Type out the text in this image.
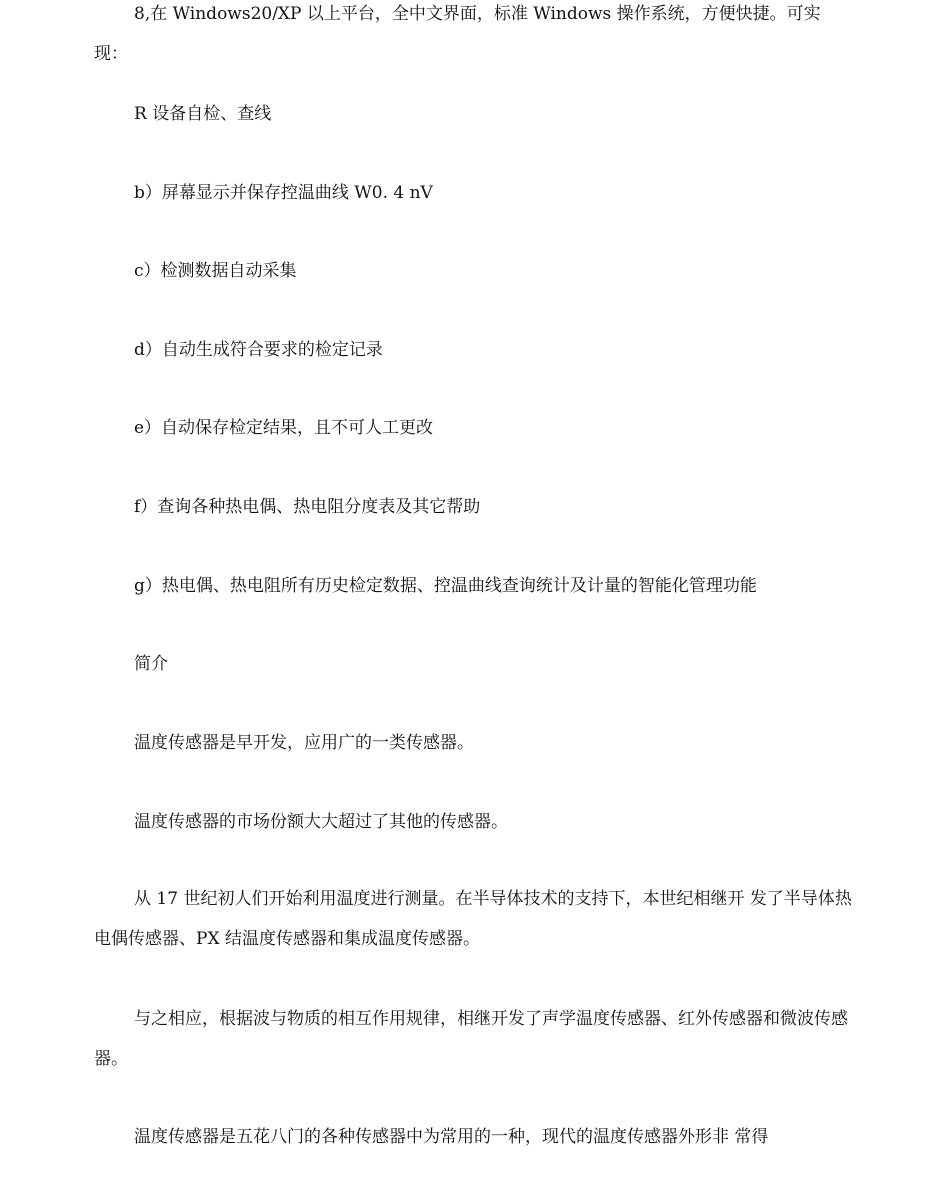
8,在 Windows20/XP 以上平台，全中文界面，标准 Windows 操作系统，方便快捷。可实现：
R 设备自检、查线
b）屏幕显示并保存控温曲线 W0. 4 nV
c）检测数据自动采集
d）自动生成符合要求的检定记录
e）自动保存检定结果，且不可人工更改
f）查询各种热电偶、热电阻分度表及其它帮助
g）热电偶、热电阻所有历史检定数据、控温曲线查询统计及计量的智能化管理功能
简介
温度传感器是早开发，应用广的一类传感器。
温度传感器的市场份额大大超过了其他的传感器。
从 17 世纪初人们开始利用温度进行测量。在半导体技术的支持下，本世纪相继开 发了半导体热电偶传感器、PX 结温度传感器和集成温度传感器。
与之相应，根据波与物质的相互作用规律，相继开发了声学温度传感器、红外传感器和微波传感器。
温度传感器是五花八门的各种传感器中为常用的一种，现代的温度传感器外形非 常得
